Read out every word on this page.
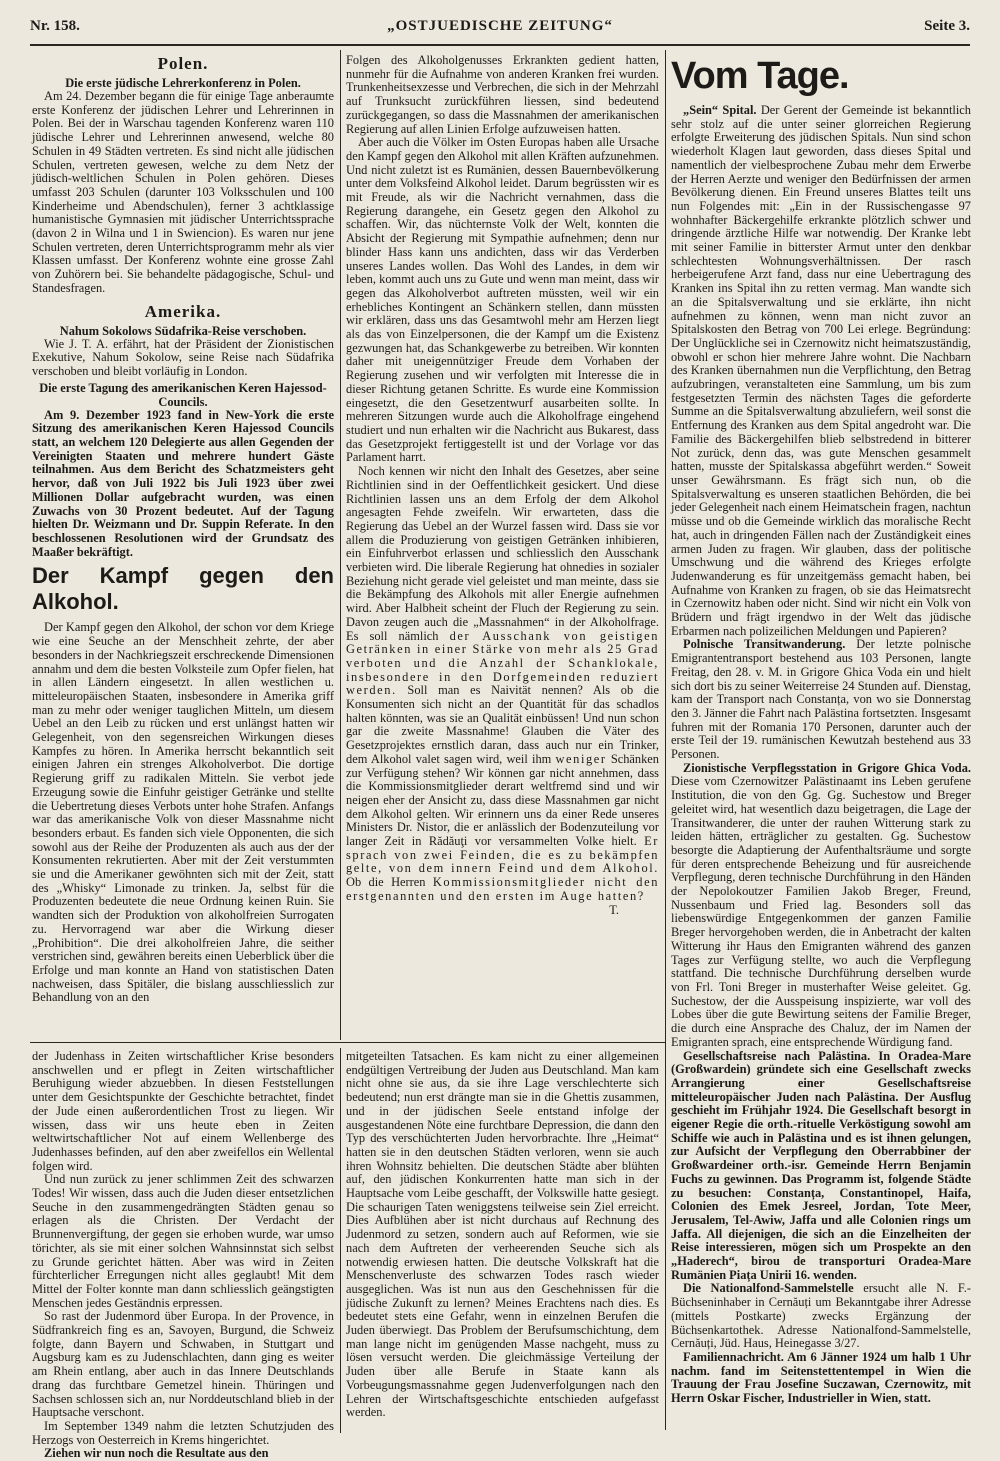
Nr. 158.	„OSTJUEDISCHE ZEITUNG“	Seite 3.
Polen.
Die erste jüdische Lehrerkonferenz in Polen.

Am 24. Dezember begann die für einige Tage anberaumte erste Konferenz der jüdischen Lehrer und Lehrerinnen in Polen. Bei der in Warschau tagenden Konferenz waren 110 jüdische Lehrer und Lehrerinnen anwesend, welche 80 Schulen in 49 Städten vertreten. Es sind nicht alle jüdischen Schulen, vertreten gewesen, welche zu dem Netz der jüdisch-weltlichen Schulen in Polen gehören. Dieses umfasst 203 Schulen (darunter 103 Volksschulen und 100 Kinderheime und Abendschulen), ferner 3 achtklassige humanistische Gymnasien mit jüdischer Unterrichtssprache (davon 2 in Wilna und 1 in Swiencion). Es waren nur jene Schulen vertreten, deren Unterrichtsprogramm mehr als vier Klassen umfasst. Der Konferenz wohnte eine grosse Zahl von Zuhörern bei. Sie behandelte pädagogische, Schul- und Standesfragen.

Amerika.
Nahum Sokolows Südafrika-Reise verschoben.

Wie J. T. A. erfährt, hat der Präsident der Zionistischen Exekutive, Nahum Sokolow, seine Reise nach Südafrika verschoben und bleibt vorläufig in London.

Die erste Tagung des amerikanischen Keren Hajessod-Councils.

Am 9. Dezember 1923 fand in New-York die erste Sitzung des amerikanischen Keren Hajessod Councils statt, an welchem 120 Delegierte aus allen Gegenden der Vereinigten Staaten und mehrere hundert Gäste teilnahmen. Aus dem Bericht des Schatzmeisters geht hervor, daß von Juli 1922 bis Juli 1923 über zwei Millionen Dollar aufgebracht wurden, was einen Zuwachs von 30 Prozent bedeutet. Auf der Tagung hielten Dr. Weizmann und Dr. Suppin Referate. In den beschlossenen Resolutionen wird der Grundsatz des Maaßer bekräftigt.

Der Kampf gegen den Alkohol.

Der Kampf gegen den Alkohol, der schon vor dem Kriege wie eine Seuche an der Menschheit zehrte, der aber besonders in der Nachkriegszeit erschreckende Dimensionen annahm und dem die besten Volksteile zum Opfer fielen, hat in allen Ländern eingesetzt. In allen westlichen u. mitteleuropäischen Staaten, insbesondere in Amerika griff man zu mehr oder weniger tauglichen Mitteln, um diesem Uebel an den Leib zu rücken und erst unlängst hatten wir Gelegenheit, von den segensreichen Wirkungen dieses Kampfes zu hören. In Amerika herrscht bekanntlich seit einigen Jahren ein strenges Alkoholverbot. Die dortige Regierung griff zu radikalen Mitteln. Sie verbot jede Erzeugung sowie die Einfuhr geistiger Getränke und stellte die Uebertretung dieses Verbots unter hohe Strafen. Anfangs war das amerikanische Volk von dieser Massnahme nicht besonders erbaut. Es fanden sich viele Opponenten, die sich sowohl aus der Reihe der Produzenten als auch aus der der Konsumenten rekrutierten. Aber mit der Zeit verstummten sie und die Amerikaner gewöhnten sich mit der Zeit, statt des „Whisky“ Limonade zu trinken. Ja, selbst für die Produzenten bedeutete die neue Ordnung keinen Ruin. Sie wandten sich der Produktion von alkoholfreien Surrogaten zu. Hervorragend war aber die Wirkung dieser „Prohibition“. Die drei alkoholfreien Jahre, die seither verstrichen sind, gewähren bereits einen Ueberblick über die Erfolge und man konnte an Hand von statistischen Daten nachweisen, dass Spitäler, die bislang ausschliesslich zur Behandlung von an den

Folgen des Alkoholgenusses Erkrankten gedient hatten, nunmehr für die Aufnahme von anderen Kranken frei wurden. Trunkenheitsexzesse und Verbrechen, die sich in der Mehrzahl auf Trunksucht zurückführen liessen, sind bedeutend zurückgegangen, so dass die Massnahmen der amerikanischen Regierung auf allen Linien Erfolge aufzuweisen hatten.

Aber auch die Völker im Osten Europas haben alle Ursache den Kampf gegen den Alkohol mit allen Kräften aufzunehmen. Und nicht zuletzt ist es Rumänien, dessen Bauernbevölkerung unter dem Volksfeind Alkohol leidet. Darum begrüssten wir es mit Freude, als wir die Nachricht vernahmen, dass die Regierung darangehe, ein Gesetz gegen den Alkohol zu schaffen. Wir, das nüchternste Volk der Welt, konnten die Absicht der Regierung mit Sympathie aufnehmen; denn nur blinder Hass kann uns andichten, dass wir das Verderben unseres Landes wollen. Das Wohl des Landes, in dem wir leben, kommt auch uns zu Gute und wenn man meint, dass wir gegen das Alkoholverbot auftreten müssten, weil wir ein erhebliches Kontingent an Schänkern stellen, dann müssten wir erklären, dass uns das Gesamtwohl mehr am Herzen liegt als das von Einzelpersonen, die der Kampf um die Existenz gezwungen hat, das Schankgewerbe zu betreiben. Wir konnten daher mit uneigennütziger Freude dem Vorhaben der Regierung zusehen und wir verfolgten mit Interesse die in dieser Richtung getanen Schritte. Es wurde eine Kommission eingesetzt, die den Gesetzentwurf ausarbeiten sollte. In mehreren Sitzungen wurde auch die Alkoholfrage eingehend studiert und nun erhalten wir die Nachricht aus Bukarest, dass das Gesetzprojekt fertiggestellt ist und der Vorlage vor das Parlament harrt.

Noch kennen wir nicht den Inhalt des Gesetzes, aber seine Richtlinien sind in der Oeffentlichkeit gesickert. Und diese Richtlinien lassen uns an dem Erfolg der dem Alkohol angesagten Fehde zweifeln. Wir erwarteten, dass die Regierung das Uebel an der Wurzel fassen wird. Dass sie vor allem die Produzierung von geistigen Getränken inhibieren, ein Einfuhrverbot erlassen und schliesslich den Ausschank verbieten wird. Die liberale Regierung hat ohnedies in sozialer Beziehung nicht gerade viel geleistet und man meinte, dass sie die Bekämpfung des Alkohols mit aller Energie aufnehmen wird. Aber Halbheit scheint der Fluch der Regierung zu sein. Davon zeugen auch die „Massnahmen“ in der Alkoholfrage. Es soll nämlich der Ausschank von geistigen Getränken in einer Stärke von mehr als 25 Grad verboten und die Anzahl der Schanklokale, insbesondere in den Dorfgemeinden reduziert werden. Soll man es Naivität nennen? Als ob die Konsumenten sich nicht an der Quantität für das schadlos halten könnten, was sie an Qualität einbüssen! Und nun schon gar die zweite Massnahme! Glauben die Väter des Gesetzprojektes ernstlich daran, dass auch nur ein Trinker, dem Alkohol valet sagen wird, weil ihm weniger Schänken zur Verfügung stehen? Wir können gar nicht annehmen, dass die Kommissionsmitglieder derart weltfremd sind und wir neigen eher der Ansicht zu, dass diese Massnahmen gar nicht dem Alkohol gelten. Wir erinnern uns da einer Rede unseres Ministers Dr. Nistor, die er anlässlich der Bodenzuteilung vor langer Zeit in Rădăuţi vor versammelten Volke hielt. Er sprach von zwei Feinden, die es zu bekämpfen gelte, von dem innern Feind und dem Alkohol. Ob die Herren Kommissionsmitglieder nicht den erstgenannten und den ersten im Auge hatten?

T.
Vom Tage.

„Sein“ Spital. Der Gerent der Gemeinde ist bekanntlich sehr stolz auf die unter seiner glorreichen Regierung erfolgte Erweiterung des jüdischen Spitals. Nun sind schon wiederholt Klagen laut geworden, dass dieses Spital und namentlich der vielbesprochene Zubau mehr dem Erwerbe der Herren Aerzte und weniger den Bedürfnissen der armen Bevölkerung dienen. Ein Freund unseres Blattes teilt uns nun Folgendes mit: „Ein in der Russischengasse 97 wohnhafter Bäckergehilfe erkrankte plötzlich schwer und dringende ärztliche Hilfe war notwendig. Der Kranke lebt mit seiner Familie in bitterster Armut unter den denkbar schlechtesten Wohnungsverhältnissen. Der rasch herbeigerufene Arzt fand, dass nur eine Uebertragung des Kranken ins Spital ihn zu retten vermag. Man wandte sich an die Spitalsverwaltung und sie erklärte, ihn nicht aufnehmen zu können, wenn man nicht zuvor an Spitalskosten den Betrag von 700 Lei erlege. Begründung: Der Unglückliche sei in Czernowitz nicht heimatszuständig, obwohl er schon hier mehrere Jahre wohnt. Die Nachbarn des Kranken übernahmen nun die Verpflichtung, den Betrag aufzubringen, veranstalteten eine Sammlung, um bis zum festgesetzten Termin des nächsten Tages die geforderte Summe an die Spitalsverwaltung abzuliefern, weil sonst die Entfernung des Kranken aus dem Spital angedroht war. Die Familie des Bäckergehilfen blieb selbstredend in bitterer Not zurück, denn das, was gute Menschen gesammelt hatten, musste der Spitalskassa abgeführt werden.“ Soweit unser Gewährsmann. Es frägt sich nun, ob die Spitalsverwaltung es unseren staatlichen Behörden, die bei jeder Gelegenheit nach einem Heimatschein fragen, nachtun müsse und ob die Gemeinde wirklich das moralische Recht hat, auch in dringenden Fällen nach der Zuständigkeit eines armen Juden zu fragen. Wir glauben, dass der politische Umschwung und die während des Krieges erfolgte Judenwanderung es für unzeitgemäss gemacht haben, bei Aufnahme von Kranken zu fragen, ob sie das Heimatsrecht in Czernowitz haben oder nicht. Sind wir nicht ein Volk von Brüdern und frägt irgendwo in der Welt das jüdische Erbarmen nach polizeilichen Meldungen und Papieren?

Polnische Transitwanderung. Der letzte polnische Emigrantentransport bestehend aus 103 Personen, langte Freitag, den 28. v. M. in Grigore Ghica Voda ein und hielt sich dort bis zu seiner Weiterreise 24 Stunden auf. Dienstag, kam der Transport nach Constanța, von wo sie Donnerstag den 3. Jänner die Fahrt nach Palästina fortsetzten. Insgesamt fuhren mit der Romania 170 Personen, darunter auch der erste Teil der 19. rumänischen Kewutzah bestehend aus 33 Personen.

Zionistische Verpflegsstation in Grigore Ghica Voda. Diese vom Czernowitzer Palästinaamt ins Leben gerufene Institution, die von den Gg. Gg. Suchestow und Breger geleitet wird, hat wesentlich dazu beigetragen, die Lage der Transitwanderer, die unter der rauhen Witterung stark zu leiden hätten, erträglicher zu gestalten. Gg. Suchestow besorgte die Adaptierung der Aufenthaltsräume und sorgte für deren entsprechende Beheizung und für ausreichende Verpflegung, deren technische Durchführung in den Händen der Nepolokoutzer Familien Jakob Breger, Freund, Nussenbaum und Fried lag. Besonders soll das liebenswürdige Entgegenkommen der ganzen Familie Breger hervorgehoben werden, die in Anbetracht der kalten Witterung ihr Haus den Emigranten während des ganzen Tages zur Verfügung stellte, wo auch die Verpflegung stattfand. Die technische Durchführung derselben wurde von Frl. Toni Breger in musterhafter Weise geleitet. Gg. Suchestow, der die Ausspeisung inspizierte, war voll des Lobes über die gute Bewirtung seitens der Familie Breger, die durch eine Ansprache des Chaluz, der im Namen der Emigranten sprach, eine entsprechende Würdigung fand.

Gesellschaftsreise nach Palästina. In Oradea-Mare (Großwardein) gründete sich eine Gesellschaft zwecks Arrangierung einer Gesellschaftsreise mitteleuropäischer Juden nach Palästina. Der Ausflug geschieht im Frühjahr 1924. Die Gesellschaft besorgt in eigener Regie die orth.-rituelle Verköstigung sowohl am Schiffe wie auch in Palästina und es ist ihnen gelungen, zur Aufsicht der Verpflegung den Oberrabbiner der Großwardeiner orth.-isr. Gemeinde Herrn Benjamin Fuchs zu gewinnen. Das Programm ist, folgende Städte zu besuchen: Constanța, Constantinopel, Haifa, Colonien des Emek Jesreel, Jordan, Tote Meer, Jerusalem, Tel-Awiw, Jaffa und alle Colonien rings um Jaffa. All diejenigen, die sich an die Einzelheiten der Reise interessieren, mögen sich um Prospekte an den „Haderech“, birou de transporturi Oradea-Mare Rumänien Piața Unirii 16. wenden.

Die Nationalfond-Sammelstelle ersucht alle N. F.-Büchseninhaber in Cernăuți um Bekanntgabe ihrer Adresse (mittels Postkarte) zwecks Ergänzung der Büchsenkartothek. Adresse Nationalfond-Sammelstelle, Cernăuți, Jüd. Haus, Heinegasse 3/27.

Familiennachricht. Am 6 Jänner 1924 um halb 1 Uhr nachm. fand im Seitenstettentempel in Wien die Trauung der Frau Josefine Suczawan, Czernowitz, mit Herrn Oskar Fischer, Industrieller in Wien, statt.

der Judenhass in Zeiten wirtschaftlicher Krise besonders anschwellen und er pflegt in Zeiten wirtschaftlicher Beruhigung wieder abzuebben. In diesen Feststellungen unter dem Gesichtspunkte der Geschichte betrachtet, findet der Jude einen außerordentlichen Trost zu liegen. Wir wissen, dass wir uns heute eben in Zeiten weltwirtschaftlicher Not auf einem Wellenberge des Judenhasses befinden, auf den aber zweifellos ein Wellental folgen wird.

Und nun zurück zu jener schlimmen Zeit des schwarzen Todes! Wir wissen, dass auch die Juden dieser entsetzlichen Seuche in den zusammengedrängten Städten genau so erlagen als die Christen. Der Verdacht der Brunnenvergiftung, der gegen sie erhoben wurde, war umso törichter, als sie mit einer solchen Wahnsinnstat sich selbst zu Grunde gerichtet hätten. Aber was wird in Zeiten fürchterlicher Erregungen nicht alles geglaubt! Mit dem Mittel der Folter konnte man dann schliesslich geängstigten Menschen jedes Geständnis erpressen.

So rast der Judenmord über Europa. In der Provence, in Südfrankreich fing es an, Savoyen, Burgund, die Schweiz folgte, dann Bayern und Schwaben, in Stuttgart und Augsburg kam es zu Judenschlachten, dann ging es weiter am Rhein entlang, aber auch in das Innere Deutschlands drang das furchtbare Gemetzel hinein. Thüringen und Sachsen schlossen sich an, nur Norddeutschland blieb in der Hauptsache verschont.

Im September 1349 nahm die letzten Schutzjuden des Herzogs von Oesterreich in Krems hingerichtet.

Ziehen wir nun noch die Resultate aus den

mitgeteilten Tatsachen. Es kam nicht zu einer allgemeinen endgültigen Vertreibung der Juden aus Deutschland. Man kam nicht ohne sie aus, da sie ihre Lage verschlechterte sich bedeutend; nun erst drängte man sie in die Ghettis zusammen, und in der jüdischen Seele entstand infolge der ausgestandenen Nöte eine furchtbare Depression, die dann den Typ des verschüchterten Juden hervorbrachte. Ihre „Heimat“ hatten sie in den deutschen Städten verloren, wenn sie auch ihren Wohnsitz behielten. Die deutschen Städte aber blühten auf, den jüdischen Konkurrenten hatte man sich in der Hauptsache vom Leibe geschafft, der Volkswille hatte gesiegt. Die schaurigen Taten weniggstens teilweise sein Ziel erreicht. Dies Aufblühen aber ist nicht durchaus auf Rechnung des Judenmord zu setzen, sondern auch auf Reformen, wie sie nach dem Auftreten der verheerenden Seuche sich als notwendig erwiesen hatten. Die deutsche Volkskraft hat die Menschenverluste des schwarzen Todes rasch wieder ausgeglichen. Was ist nun aus den Geschehnissen für die jüdische Zukunft zu lernen? Meines Erachtens nach dies. Es bedeutet stets eine Gefahr, wenn in einzelnen Berufen die Juden überwiegt. Das Problem der Berufsumschichtung, dem man lange nicht im genügenden Masse nachgeht, muss zu lösen versucht werden. Die gleichmässige Verteilung der Juden über alle Berufe in Staate kann als Vorbeugungsmassnahme gegen Judenverfolgungen nach den Lehren der Wirtschaftsgeschichte entschieden aufgefasst werden.
